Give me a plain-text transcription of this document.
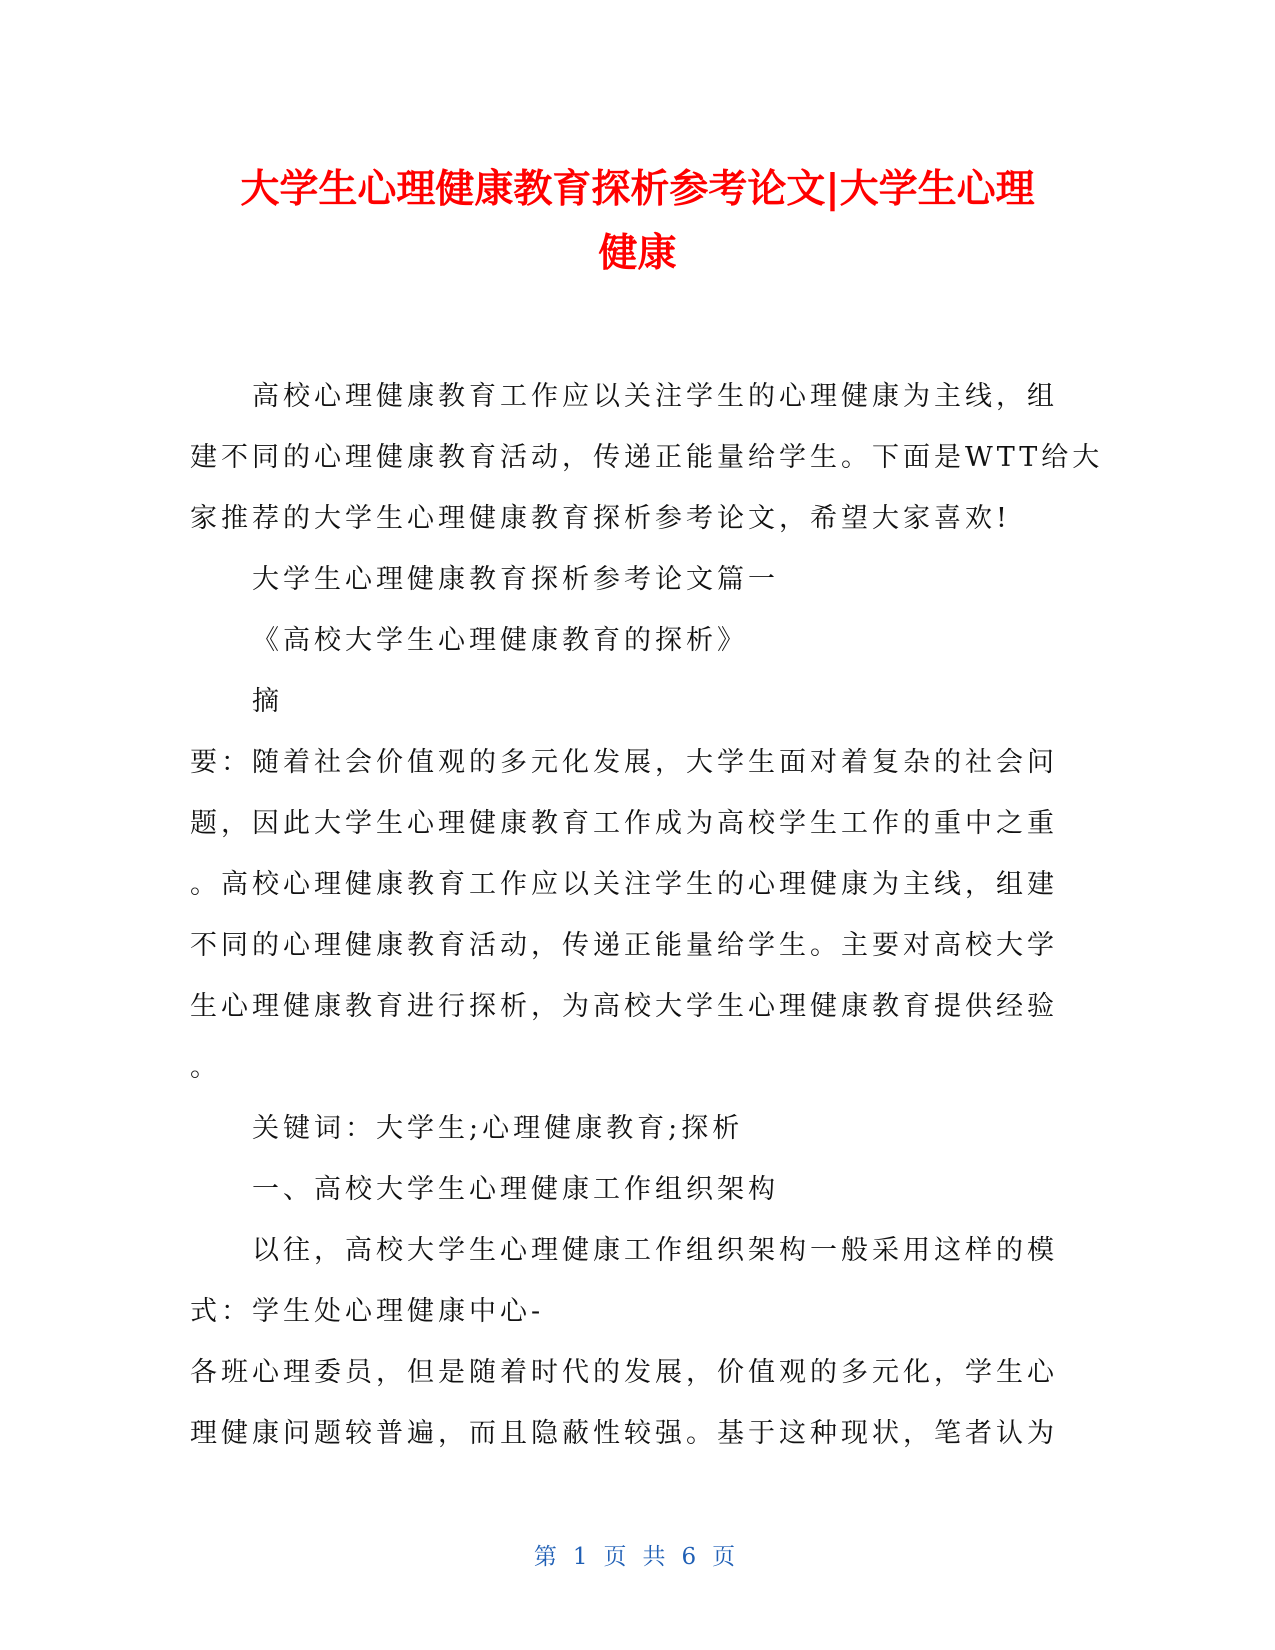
大学生心理健康教育探析参考论文|大学生心理
健康

高校心理健康教育工作应以关注学生的心理健康为主线，组
建不同的心理健康教育活动，传递正能量给学生。下面是WTT给大
家推荐的大学生心理健康教育探析参考论文，希望大家喜欢!

大学生心理健康教育探析参考论文篇一

《高校大学生心理健康教育的探析》

摘

要：随着社会价值观的多元化发展，大学生面对着复杂的社会问
题，因此大学生心理健康教育工作成为高校学生工作的重中之重
。高校心理健康教育工作应以关注学生的心理健康为主线，组建
不同的心理健康教育活动，传递正能量给学生。主要对高校大学
生心理健康教育进行探析，为高校大学生心理健康教育提供经验
。

关键词：大学生;心理健康教育;探析

一、高校大学生心理健康工作组织架构

以往，高校大学生心理健康工作组织架构一般采用这样的模
式：学生处心理健康中心-
各班心理委员，但是随着时代的发展，价值观的多元化，学生心
理健康问题较普遍，而且隐蔽性较强。基于这种现状，笔者认为

第 1 页 共 6 页
